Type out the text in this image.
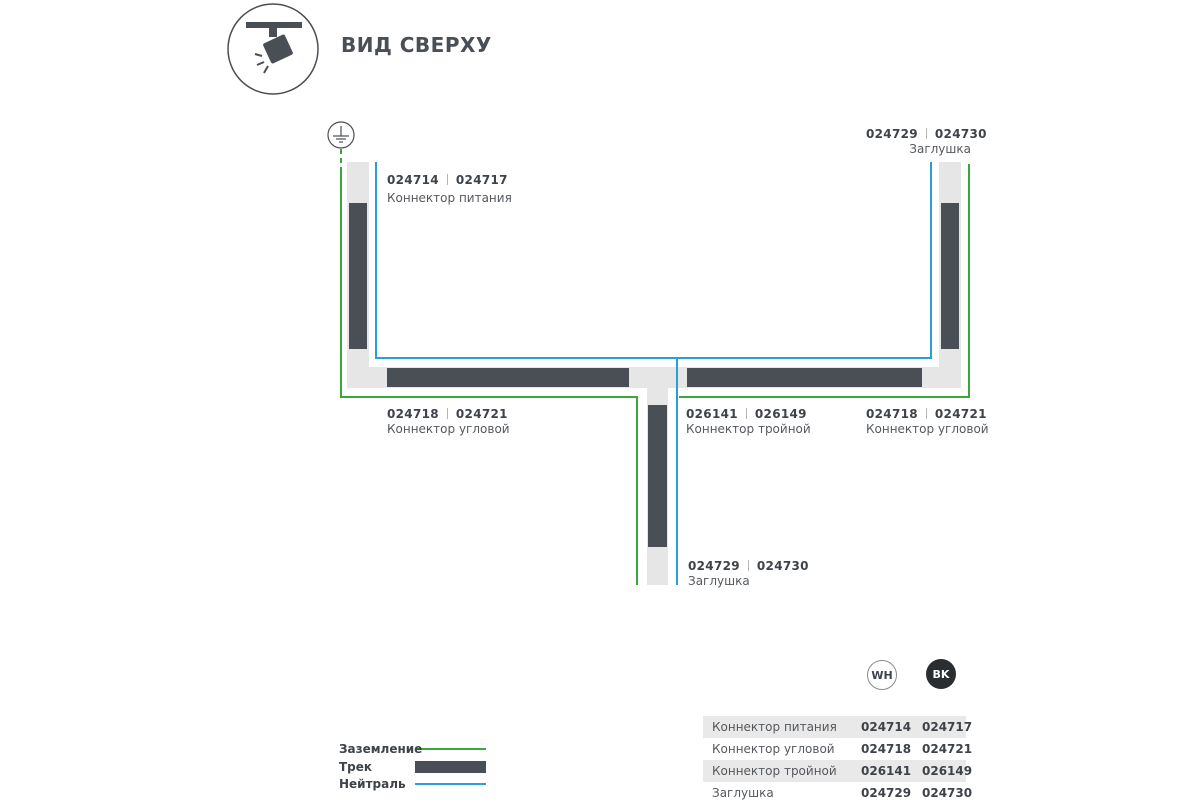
ВИД СВЕРХУ
024714 024717
Коннектор питания
024729 024730
Заглушка
024718 024721
Коннектор угловой
026141 026149
Коннектор тройной
024718 024721
Коннектор угловой
024729 024730
Заглушка
Заземление
Трек
Нейтраль
WH	BK
Коннектор питания 024714 024717
Коннектор угловой 024718 024721
Коннектор тройной 026141 026149
Заглушка	024729 024730
